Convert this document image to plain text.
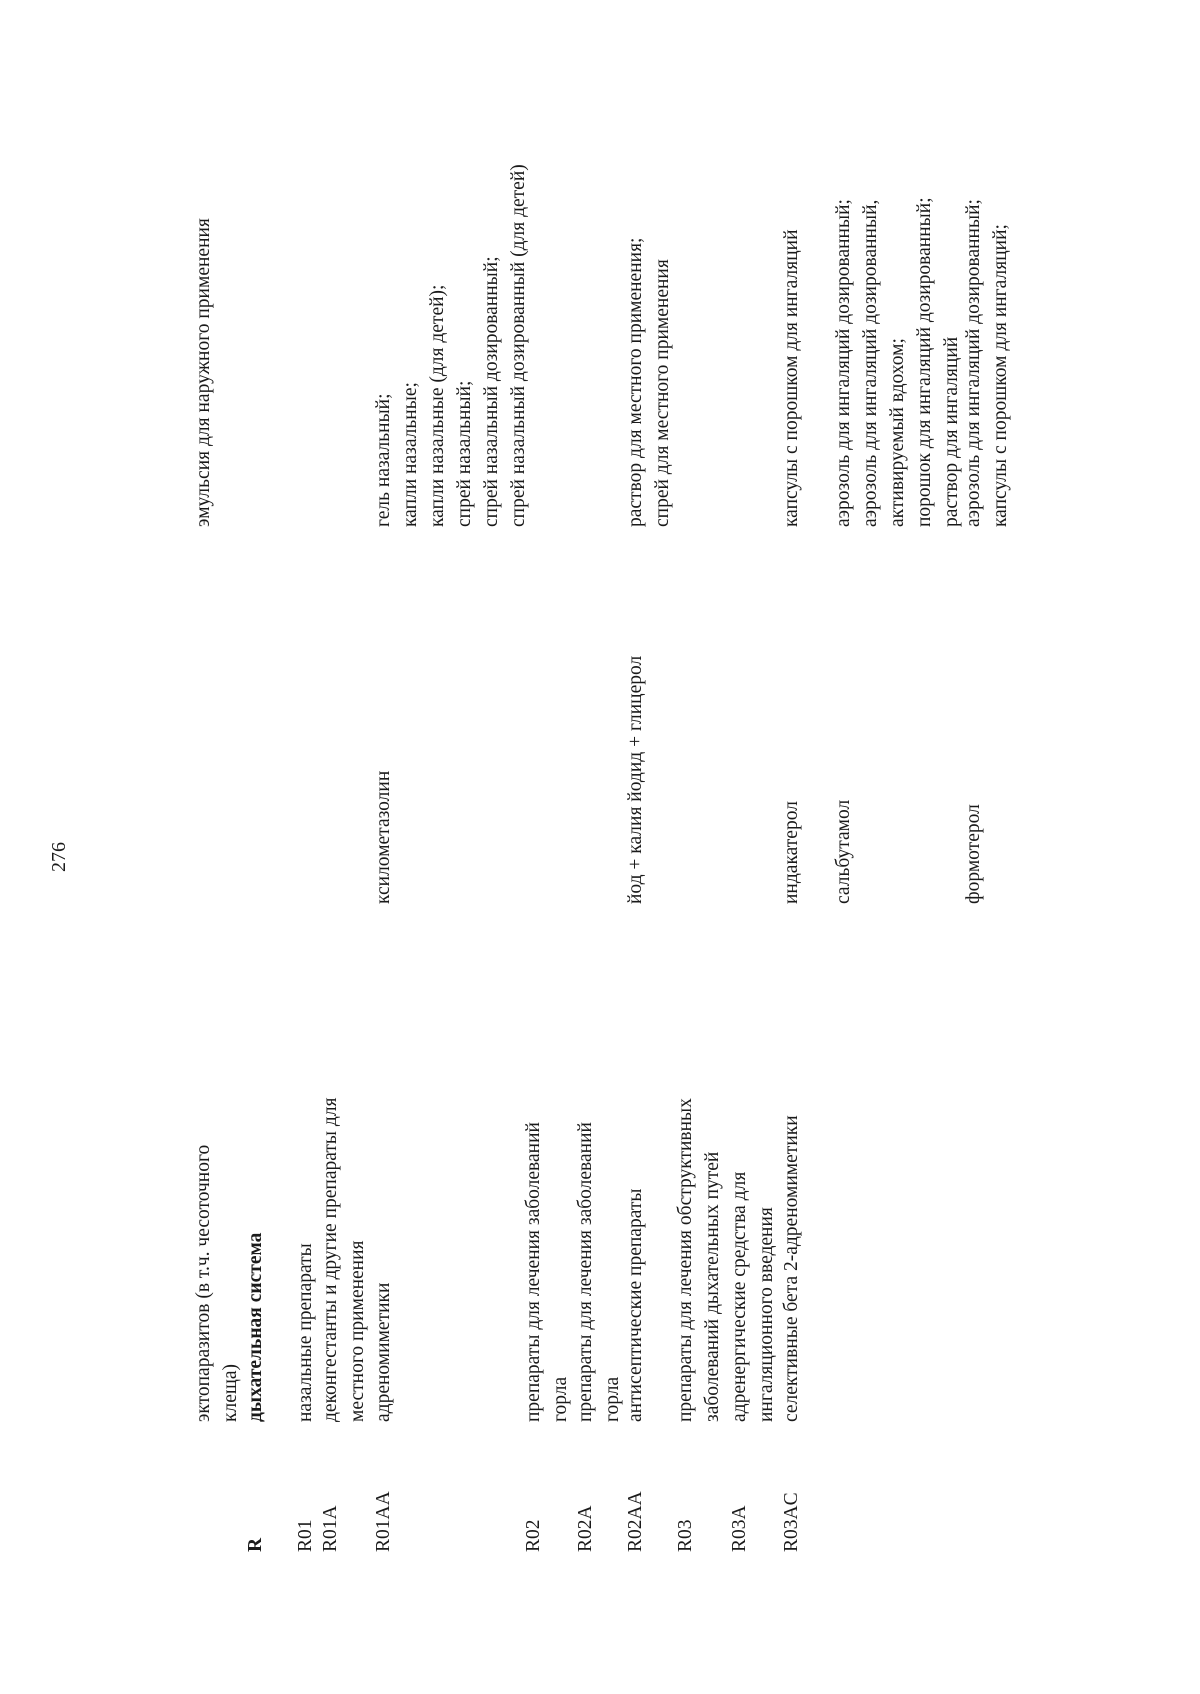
276
эктопаразитов (в т.ч. чесоточного клеща)
эмульсия для наружного применения
R
дыхательная система
R01
назальные препараты
R01A
деконгестанты и другие препараты для местного применения
R01AA
адреномиметики
ксилометазолин
гель назальный; капли назальные; капли назальные (для детей); спрей назальный; спрей назальный дозированный; спрей назальный дозированный (для детей)
R02
препараты для лечения заболеваний горла
R02A
препараты для лечения заболеваний горла
R02AA
антисептические препараты
йод + калия йодид + глицерол
раствор для местного применения; спрей для местного применения
R03
препараты для лечения обструктивных заболеваний дыхательных путей
R03A
адренергические средства для ингаляционного введения
R03AC
селективные бета 2-адреномиметики
индакатерол
капсулы с порошком для ингаляций
сальбутамол
аэрозоль для ингаляций дозированный; аэрозоль для ингаляций дозированный, активируемый вдохом; порошок для ингаляций дозированный; раствор для ингаляций
формотерол
аэрозоль для ингаляций дозированный; капсулы с порошком для ингаляций;
